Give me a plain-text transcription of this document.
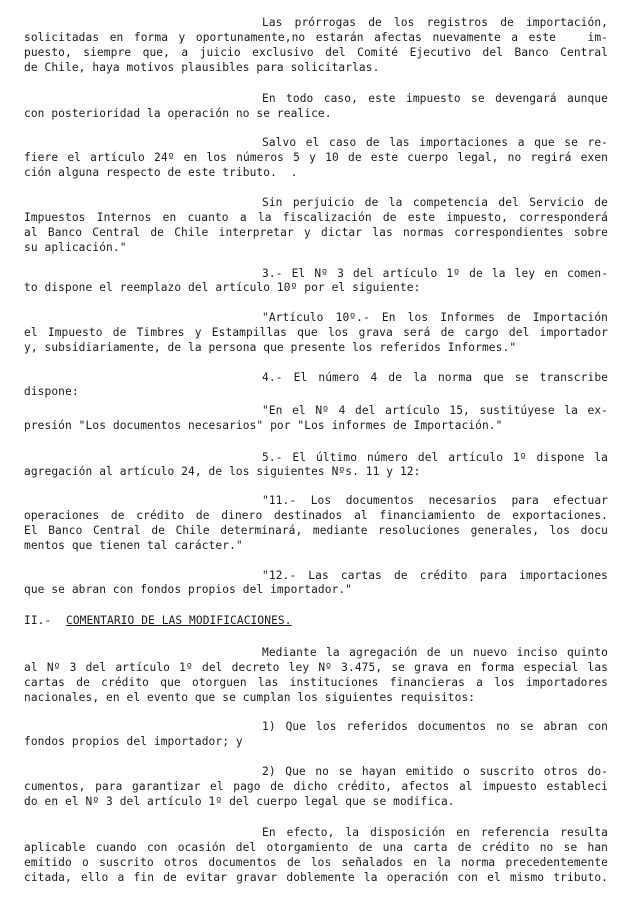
Las prórrogas de los registros de importación,
solicitadas en forma y oportunamente,no estarán afectas nuevamente a este   im-
puesto, siempre que, a juicio exclusivo del Comité Ejecutivo del Banco Central
de Chile, haya motivos plausibles para solicitarlas.
En todo caso, este impuesto se devengará aunque
con posterioridad la operación no se realice.
Salvo el caso de las importaciones a que se re-
fiere el artículo 24º en los números 5 y 10 de este cuerpo legal, no regirá exen
ción alguna respecto de este tributo.  .
Sin perjuicio de la competencia del Servicio de
Impuestos Internos en cuanto a la fiscalización de este impuesto, corresponderá
al Banco Central de Chile interpretar y dictar las normas correspondientes sobre
su aplicación."
3.- El Nº 3 del artículo 1º de la ley en comen-
to dispone el reemplazo del artículo 10º por el siguiente:
"Artículo 10º.- En los Informes de Importación
el Impuesto de Timbres y Estampillas que los grava será de cargo del importador
y, subsidiariamente, de la persona que presente los referidos Informes."
4.- El número 4 de la norma que se transcribe
dispone:
"En el Nº 4 del artículo 15, sustitúyese la ex-
presión "Los documentos necesarios" por "Los informes de Importación."
5.- El último número del artículo 1º dispone la
agregación al artículo 24, de los siguientes Nºs. 11 y 12:
"11.- Los documentos necesarios para efectuar
operaciones de crédito de dinero destinados al financiamiento de exportaciones.
El Banco Central de Chile determinará, mediante resoluciones generales, los docu
mentos que tienen tal carácter."
"12.- Las cartas de crédito para importaciones
que se abran con fondos propios del importador."
II.-	COMENTARIO DE LAS MODIFICACIONES.
Mediante la agregación de un nuevo inciso quinto
al Nº 3 del artículo 1º del decreto ley Nº 3.475, se grava en forma especial las
cartas de crédito que otorguen las instituciones financieras a los importadores
nacionales, en el evento que se cumplan los siguientes requisitos:
1) Que los referidos documentos no se abran con
fondos propios del importador; y
2) Que no se hayan emitido o suscrito otros do-
cumentos, para garantizar el pago de dicho crédito, afectos al impuesto estableci
do en el Nº 3 del artículo 1º del cuerpo legal que se modifica.
En efecto, la disposición en referencia resulta
aplicable cuando con ocasión del otorgamiento de una carta de crédito no se han
emitido o suscrito otros documentos de los señalados en la norma precedentemente
citada, ello a fin de evitar gravar doblemente la operación con el mismo tributo.
